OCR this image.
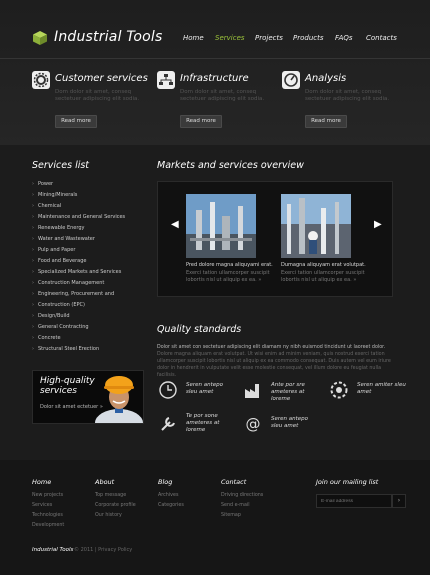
Industrial Tools	Home Services Projects Products FAQs Contacts
Customer services
Dom dolor sit amet, conseq sectetuer adipiscing elit sodia.
Read more
Infrastructure
Dom dolor sit amet, conseq sectetuer adipiscing elit sodia.
Read more
Analysis
Dom dolor sit amet, conseq sectetuer adipiscing elit sodia.
Read more
Services list
› Power
› Mining/Minerals
› Chemical
› Maintenance and General Services
› Renewable Energy
› Water and Wastewater
› Pulp and Paper
› Food and Beverage
› Specialized Markets and Services
› Construction Management
› Engineering, Procurement and
› Construction (EPC)
› Design/Build
› General Contracting
› Concrete
› Structural Steel Erection
High-quality services
Dolor sit amet ectetuer »
Markets and services overview
◀	▶
Pred dolore magna aliquyami erat.
Exerci tation ullamcorper suscipit lobortis nisl ut aliquip ex ea. »
Dumagna aliquyam erat volutpat.
Exerci tation ullamcorper suscipit lobortis nisl ut aliquip ex ea. »
Quality standards
Dolor sit amet con sectetuer adipiscing elit diamam ny nibh euismod tincidunt ut laoreet dolor. Dolore magna aliquam erat volutpat. Ut wisi enim ad minim veniam, quis nostrud exerci tation ullamcorper suscipit lobortis nisl ut aliquip ex ea commodo consequat. Duis autem vel eum iriure dolor in hendrerit in vulputate velit esse molestie consequat, vel illum dolore eu feugiat nulla facilisis.
Seren antepo sleu amet
Ante por sre ameteres at loreme
Seren amiter sleu amet
Te por sone ameteres at loreme	@ Seren antepo sleu amet
Home
New projects
Services
Technologies
Development
About
Top message
Corporate profile
Our history
Blog
Archives
Categories
Contact
Driving directions
Send e-mail
Sitemap
Join our mailing list
E-mail address
›
Industrial Tools © 2011 | Privacy Policy
